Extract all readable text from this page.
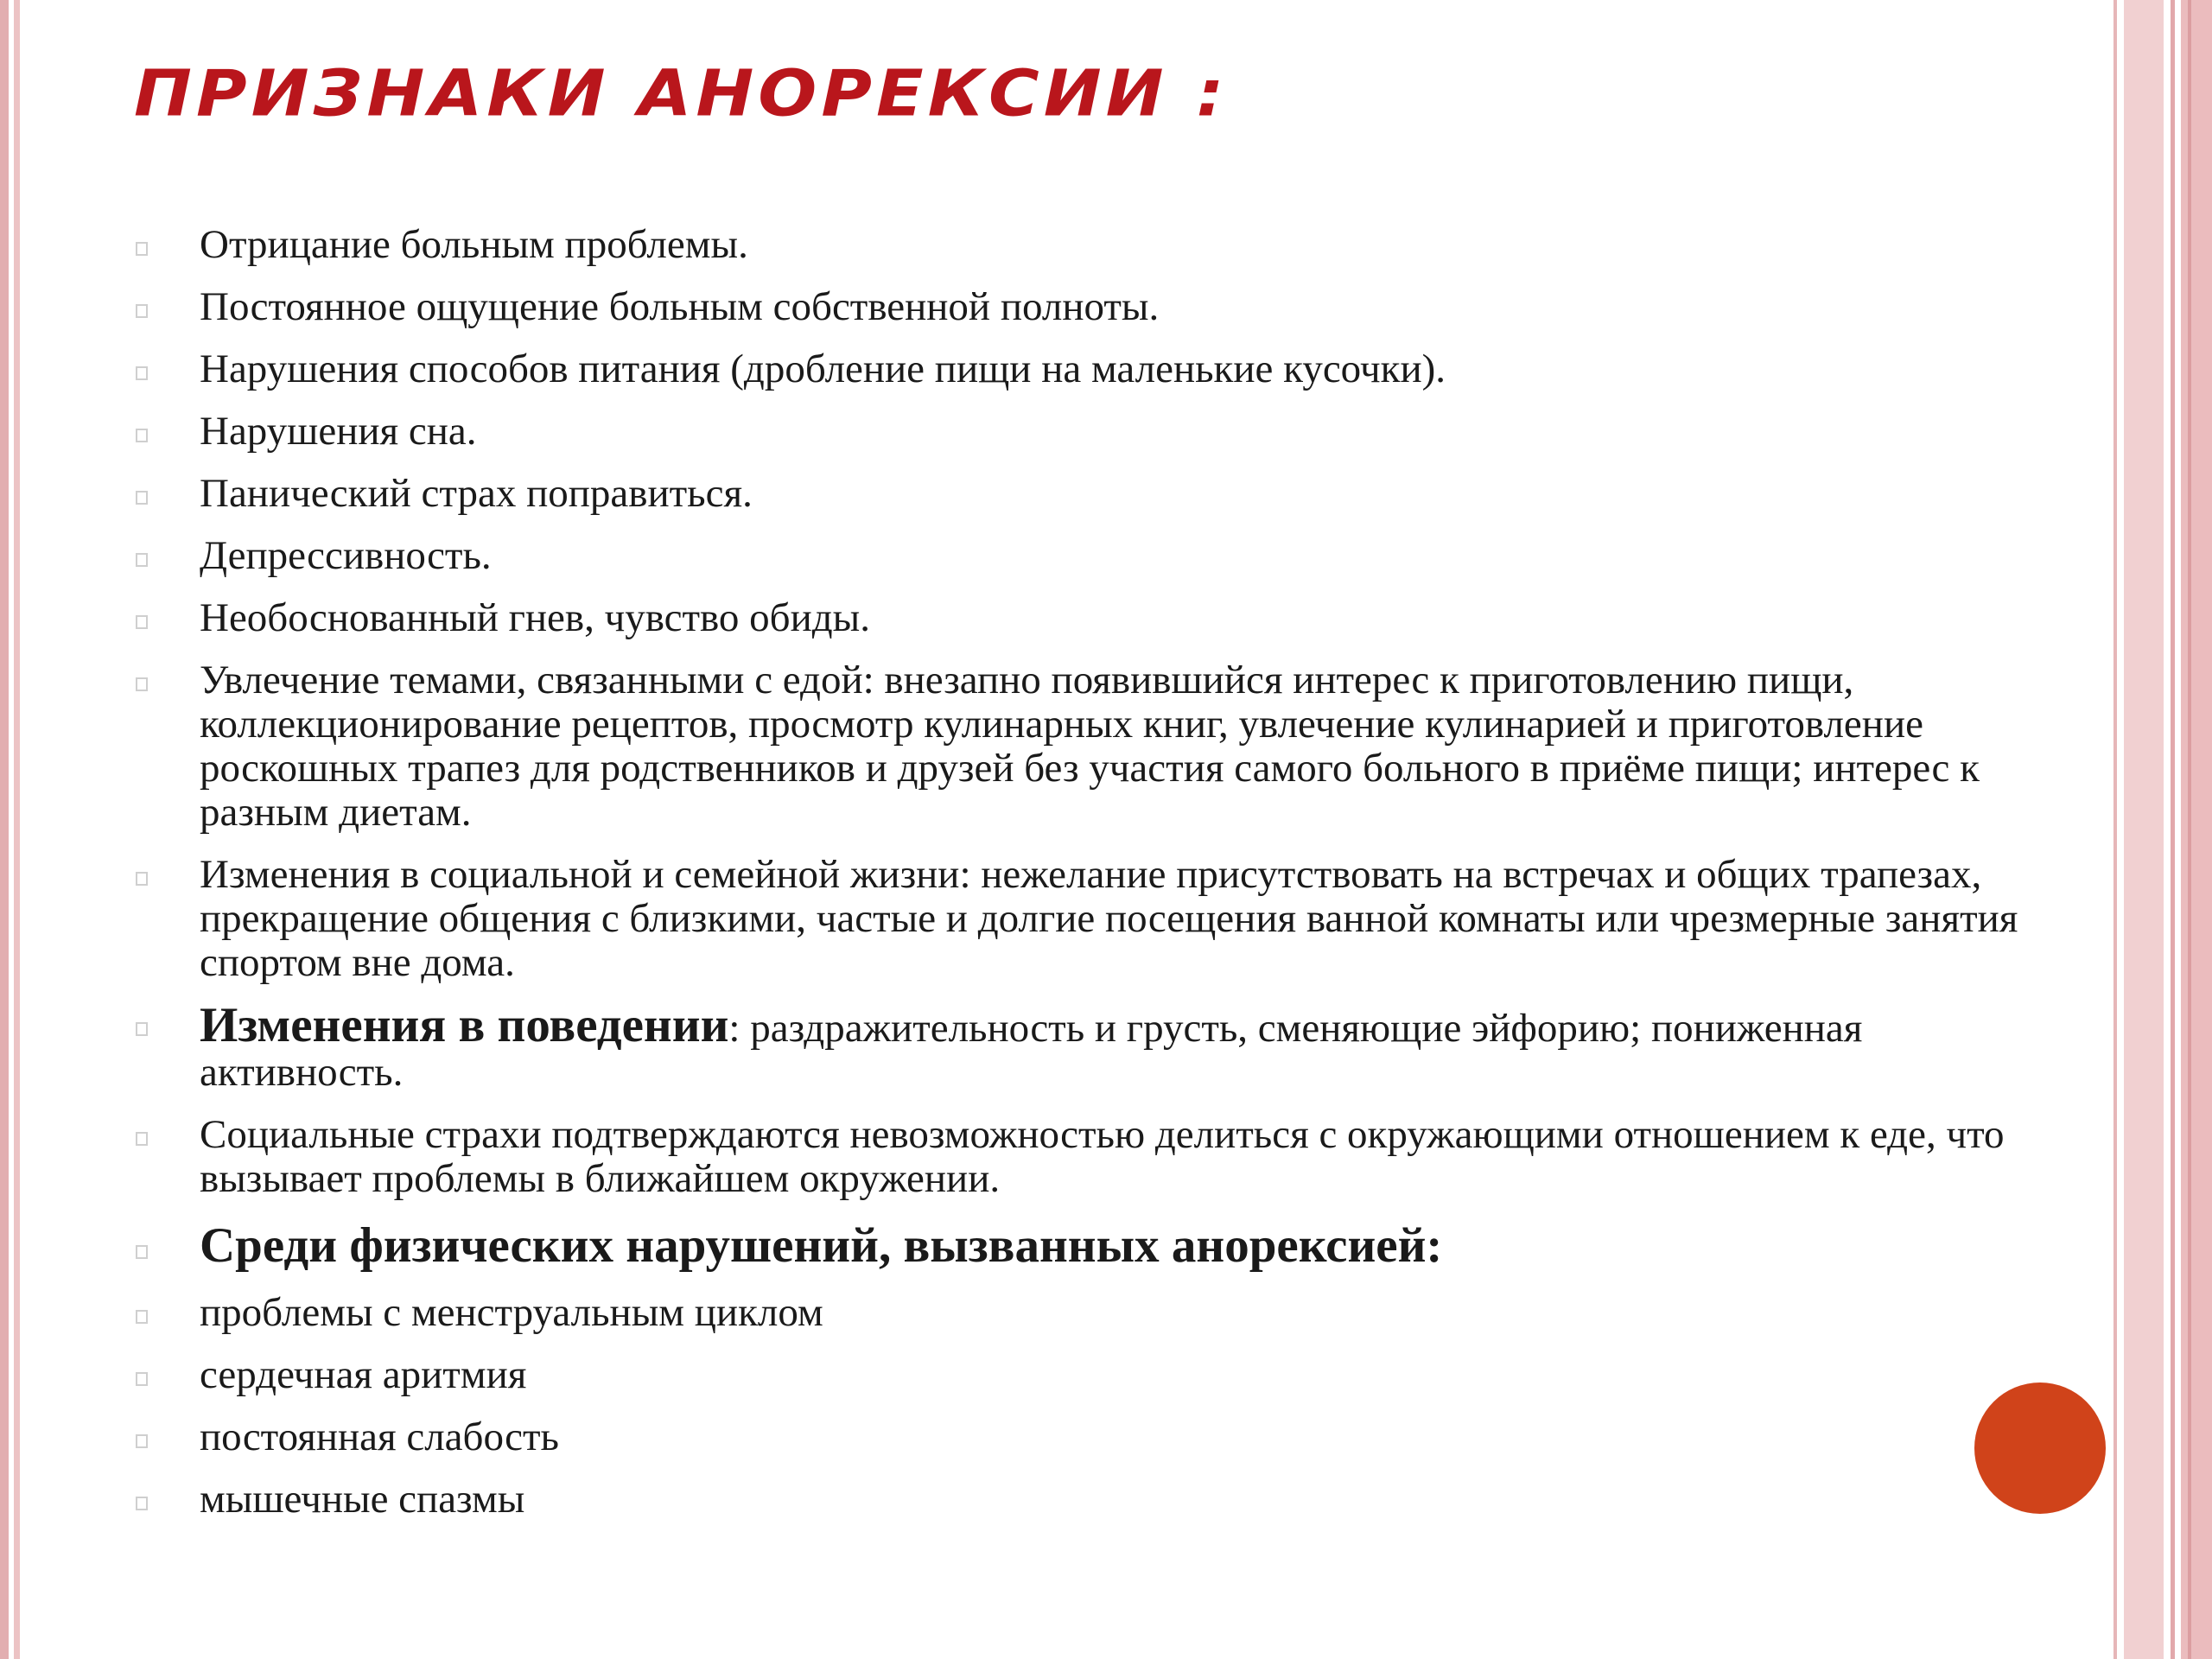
ПРИЗНАКИ АНОРЕКСИИ :
Отрицание больным проблемы.
Постоянное ощущение больным собственной полноты.
Нарушения способов питания (дробление пищи на маленькие кусочки).
Нарушения сна.
Панический страх поправиться.
Депрессивность.
Необоснованный гнев, чувство обиды.
Увлечение темами, связанными с едой: внезапно появившийся интерес к приготовлению пищи, коллекционирование рецептов, просмотр кулинарных книг, увлечение кулинарией и приготовление роскошных трапез для родственников и друзей без участия самого больного в приёме пищи; интерес к разным диетам.
Изменения в социальной и семейной жизни: нежелание присутствовать на встречах и общих трапезах, прекращение общения с близкими, частые и долгие посещения ванной комнаты или чрезмерные занятия спортом вне дома.
Изменения в поведении: раздражительность и грусть, сменяющие эйфорию; пониженная активность.
Социальные страхи подтверждаются невозможностью делиться с окружающими отношением к еде, что вызывает проблемы в ближайшем окружении.
Среди физических нарушений, вызванных анорексией:
проблемы с менструальным циклом
сердечная аритмия
постоянная слабость
мышечные спазмы
